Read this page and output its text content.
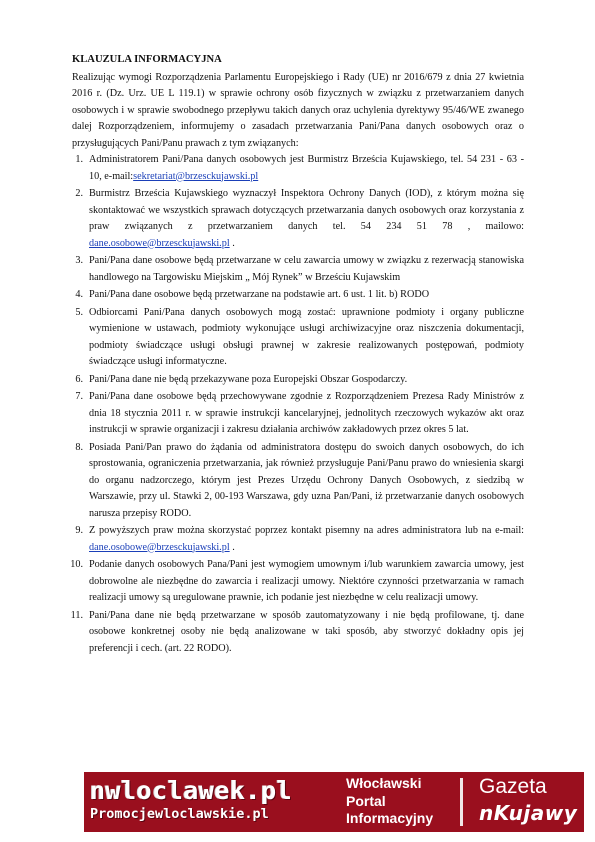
KLAUZULA INFORMACYJNA

Realizując wymogi Rozporządzenia Parlamentu Europejskiego i Rady (UE) nr 2016/679 z dnia 27 kwietnia 2016 r. (Dz. Urz. UE L 119.1) w sprawie ochrony osób fizycznych w związku z przetwarzaniem danych osobowych i w sprawie swobodnego przepływu takich danych oraz uchylenia dyrektywy 95/46/WE zwanego dalej Rozporządzeniem, informujemy o zasadach przetwarzania Pani/Pana danych osobowych oraz o przysługujących Pani/Panu prawach z tym związanych:

1. Administratorem Pani/Pana danych osobowych jest Burmistrz Brześcia Kujawskiego, tel. 54 231 - 63 - 10, e-mail:sekretariat@brzesckujawski.pl
2. Burmistrz Brześcia Kujawskiego wyznaczył Inspektora Ochrony Danych (IOD), z którym można się skontaktować we wszystkich sprawach dotyczących przetwarzania danych osobowych oraz korzystania z praw związanych z przetwarzaniem danych tel. 54 234 51 78 , mailowo: dane.osobowe@brzesckujawski.pl .
3. Pani/Pana dane osobowe będą przetwarzane w celu zawarcia umowy w związku z rezerwacją stanowiska handlowego na Targowisku Miejskim „ Mój Rynek” w Brześciu Kujawskim
4. Pani/Pana dane osobowe będą przetwarzane na podstawie art. 6 ust. 1 lit. b) RODO
5. Odbiorcami Pani/Pana danych osobowych mogą zostać: uprawnione podmioty i organy publiczne wymienione w ustawach, podmioty wykonujące usługi archiwizacyjne oraz niszczenia dokumentacji, podmioty świadczące usługi obsługi prawnej w zakresie realizowanych postępowań, podmioty świadczące usługi informatyczne.
6. Pani/Pana dane nie będą przekazywane poza Europejski Obszar Gospodarczy.
7. Pani/Pana dane osobowe będą przechowywane zgodnie z Rozporządzeniem Prezesa Rady Ministrów z dnia 18 stycznia 2011 r. w sprawie instrukcji kancelaryjnej, jednolitych rzeczowych wykazów akt oraz instrukcji w sprawie organizacji i zakresu działania archiwów zakładowych przez okres 5 lat.
8. Posiada Pani/Pan prawo do żądania od administratora dostępu do swoich danych osobowych, do ich sprostowania, ograniczenia przetwarzania, jak również przysługuje Pani/Panu prawo do wniesienia skargi do organu nadzorczego, którym jest Prezes Urzędu Ochrony Danych Osobowych, z siedzibą w Warszawie, przy ul. Stawki 2, 00-193 Warszawa, gdy uzna Pan/Pani, iż przetwarzanie danych osobowych narusza przepisy RODO.
9. Z powyższych praw można skorzystać poprzez kontakt pisemny na adres administratora lub na e-mail: dane.osobowe@brzesckujawski.pl .
10. Podanie danych osobowych Pana/Pani jest wymogiem umownym i/lub warunkiem zawarcia umowy, jest dobrowolne ale niezbędne do zawarcia i realizacji umowy. Niektóre czynności przetwarzania w ramach realizacji umowy są uregulowane prawnie, ich podanie jest niezbędne w celu realizacji umowy.
11. Pani/Pana dane nie będą przetwarzane w sposób zautomatyzowany i nie będą profilowane, tj. dane osobowe konkretnej osoby nie będą analizowane w taki sposób, aby stworzyć dokładny opis jej preferencji i cech. (art. 22 RODO).
nwloclawek.pl
Promocjewloclawskie.pl
Włocławski
Portal
Informacyjny
Gazeta
nKujawy
